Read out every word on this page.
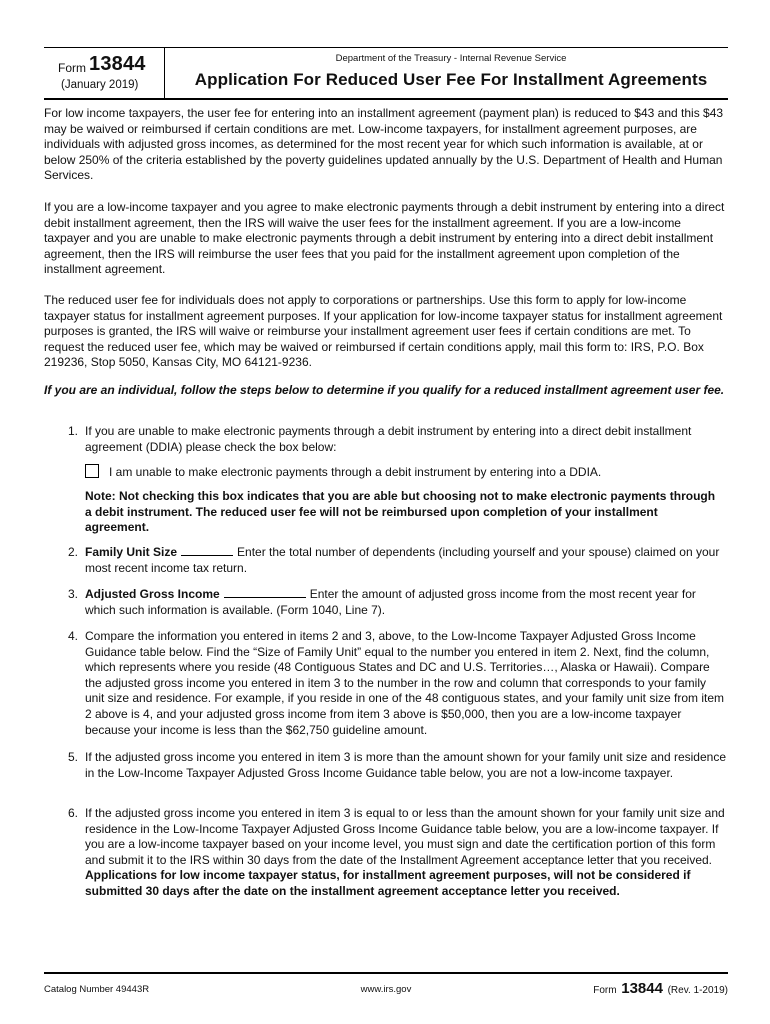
Form 13844
(January 2019)
Department of the Treasury - Internal Revenue Service
Application For Reduced User Fee For Installment Agreements

For low income taxpayers, the user fee for entering into an installment agreement (payment plan) is reduced to $43 and this $43 may be waived or reimbursed if certain conditions are met. Low-income taxpayers, for installment agreement purposes, are individuals with adjusted gross incomes, as determined for the most recent year for which such information is available, at or below 250% of the criteria established by the poverty guidelines updated annually by the U.S. Department of Health and Human Services.

If you are a low-income taxpayer and you agree to make electronic payments through a debit instrument by entering into a direct debit installment agreement, then the IRS will waive the user fees for the installment agreement. If you are a low-income taxpayer and you are unable to make electronic payments through a debit instrument by entering into a direct debit installment agreement, then the IRS will reimburse the user fees that you paid for the installment agreement upon completion of the installment agreement.

The reduced user fee for individuals does not apply to corporations or partnerships. Use this form to apply for low-income taxpayer status for installment agreement purposes. If your application for low-income taxpayer status for installment agreement purposes is granted, the IRS will waive or reimburse your installment agreement user fees if certain conditions are met. To request the reduced user fee, which may be waived or reimbursed if certain conditions apply, mail this form to: IRS, P.O. Box 219236, Stop 5050, Kansas City, MO 64121-9236.

If you are an individual, follow the steps below to determine if you qualify for a reduced installment agreement user fee.

1. If you are unable to make electronic payments through a debit instrument by entering into a direct debit installment agreement (DDIA) please check the box below:
I am unable to make electronic payments through a debit instrument by entering into a DDIA.
Note: Not checking this box indicates that you are able but choosing not to make electronic payments through a debit instrument. The reduced user fee will not be reimbursed upon completion of your installment agreement.
2. Family Unit Size	Enter the total number of dependents (including yourself and your spouse) claimed on your most recent income tax return.
3. Adjusted Gross Income	Enter the amount of adjusted gross income from the most recent year for which such information is available. (Form 1040, Line 7).
4. Compare the information you entered in items 2 and 3, above, to the Low-Income Taxpayer Adjusted Gross Income Guidance table below. Find the “Size of Family Unit” equal to the number you entered in item 2. Next, find the column, which represents where you reside (48 Contiguous States and DC and U.S. Territories…, Alaska or Hawaii). Compare the adjusted gross income you entered in item 3 to the number in the row and column that corresponds to your family unit size and residence. For example, if you reside in one of the 48 contiguous states, and your family unit size from item 2 above is 4, and your adjusted gross income from item 3 above is $50,000, then you are a low-income taxpayer because your income is less than the $62,750 guideline amount.
5. If the adjusted gross income you entered in item 3 is more than the amount shown for your family unit size and residence in the Low-Income Taxpayer Adjusted Gross Income Guidance table below, you are not a low-income taxpayer.
6. If the adjusted gross income you entered in item 3 is equal to or less than the amount shown for your family unit size and residence in the Low-Income Taxpayer Adjusted Gross Income Guidance table below, you are a low-income taxpayer. If you are a low-income taxpayer based on your income level, you must sign and date the certification portion of this form and submit it to the IRS within 30 days from the date of the Installment Agreement acceptance letter that you received. Applications for low income taxpayer status, for installment agreement purposes, will not be considered if submitted 30 days after the date on the installment agreement acceptance letter you received.
Catalog Number 49443R	www.irs.gov	Form 13844 (Rev. 1-2019)
